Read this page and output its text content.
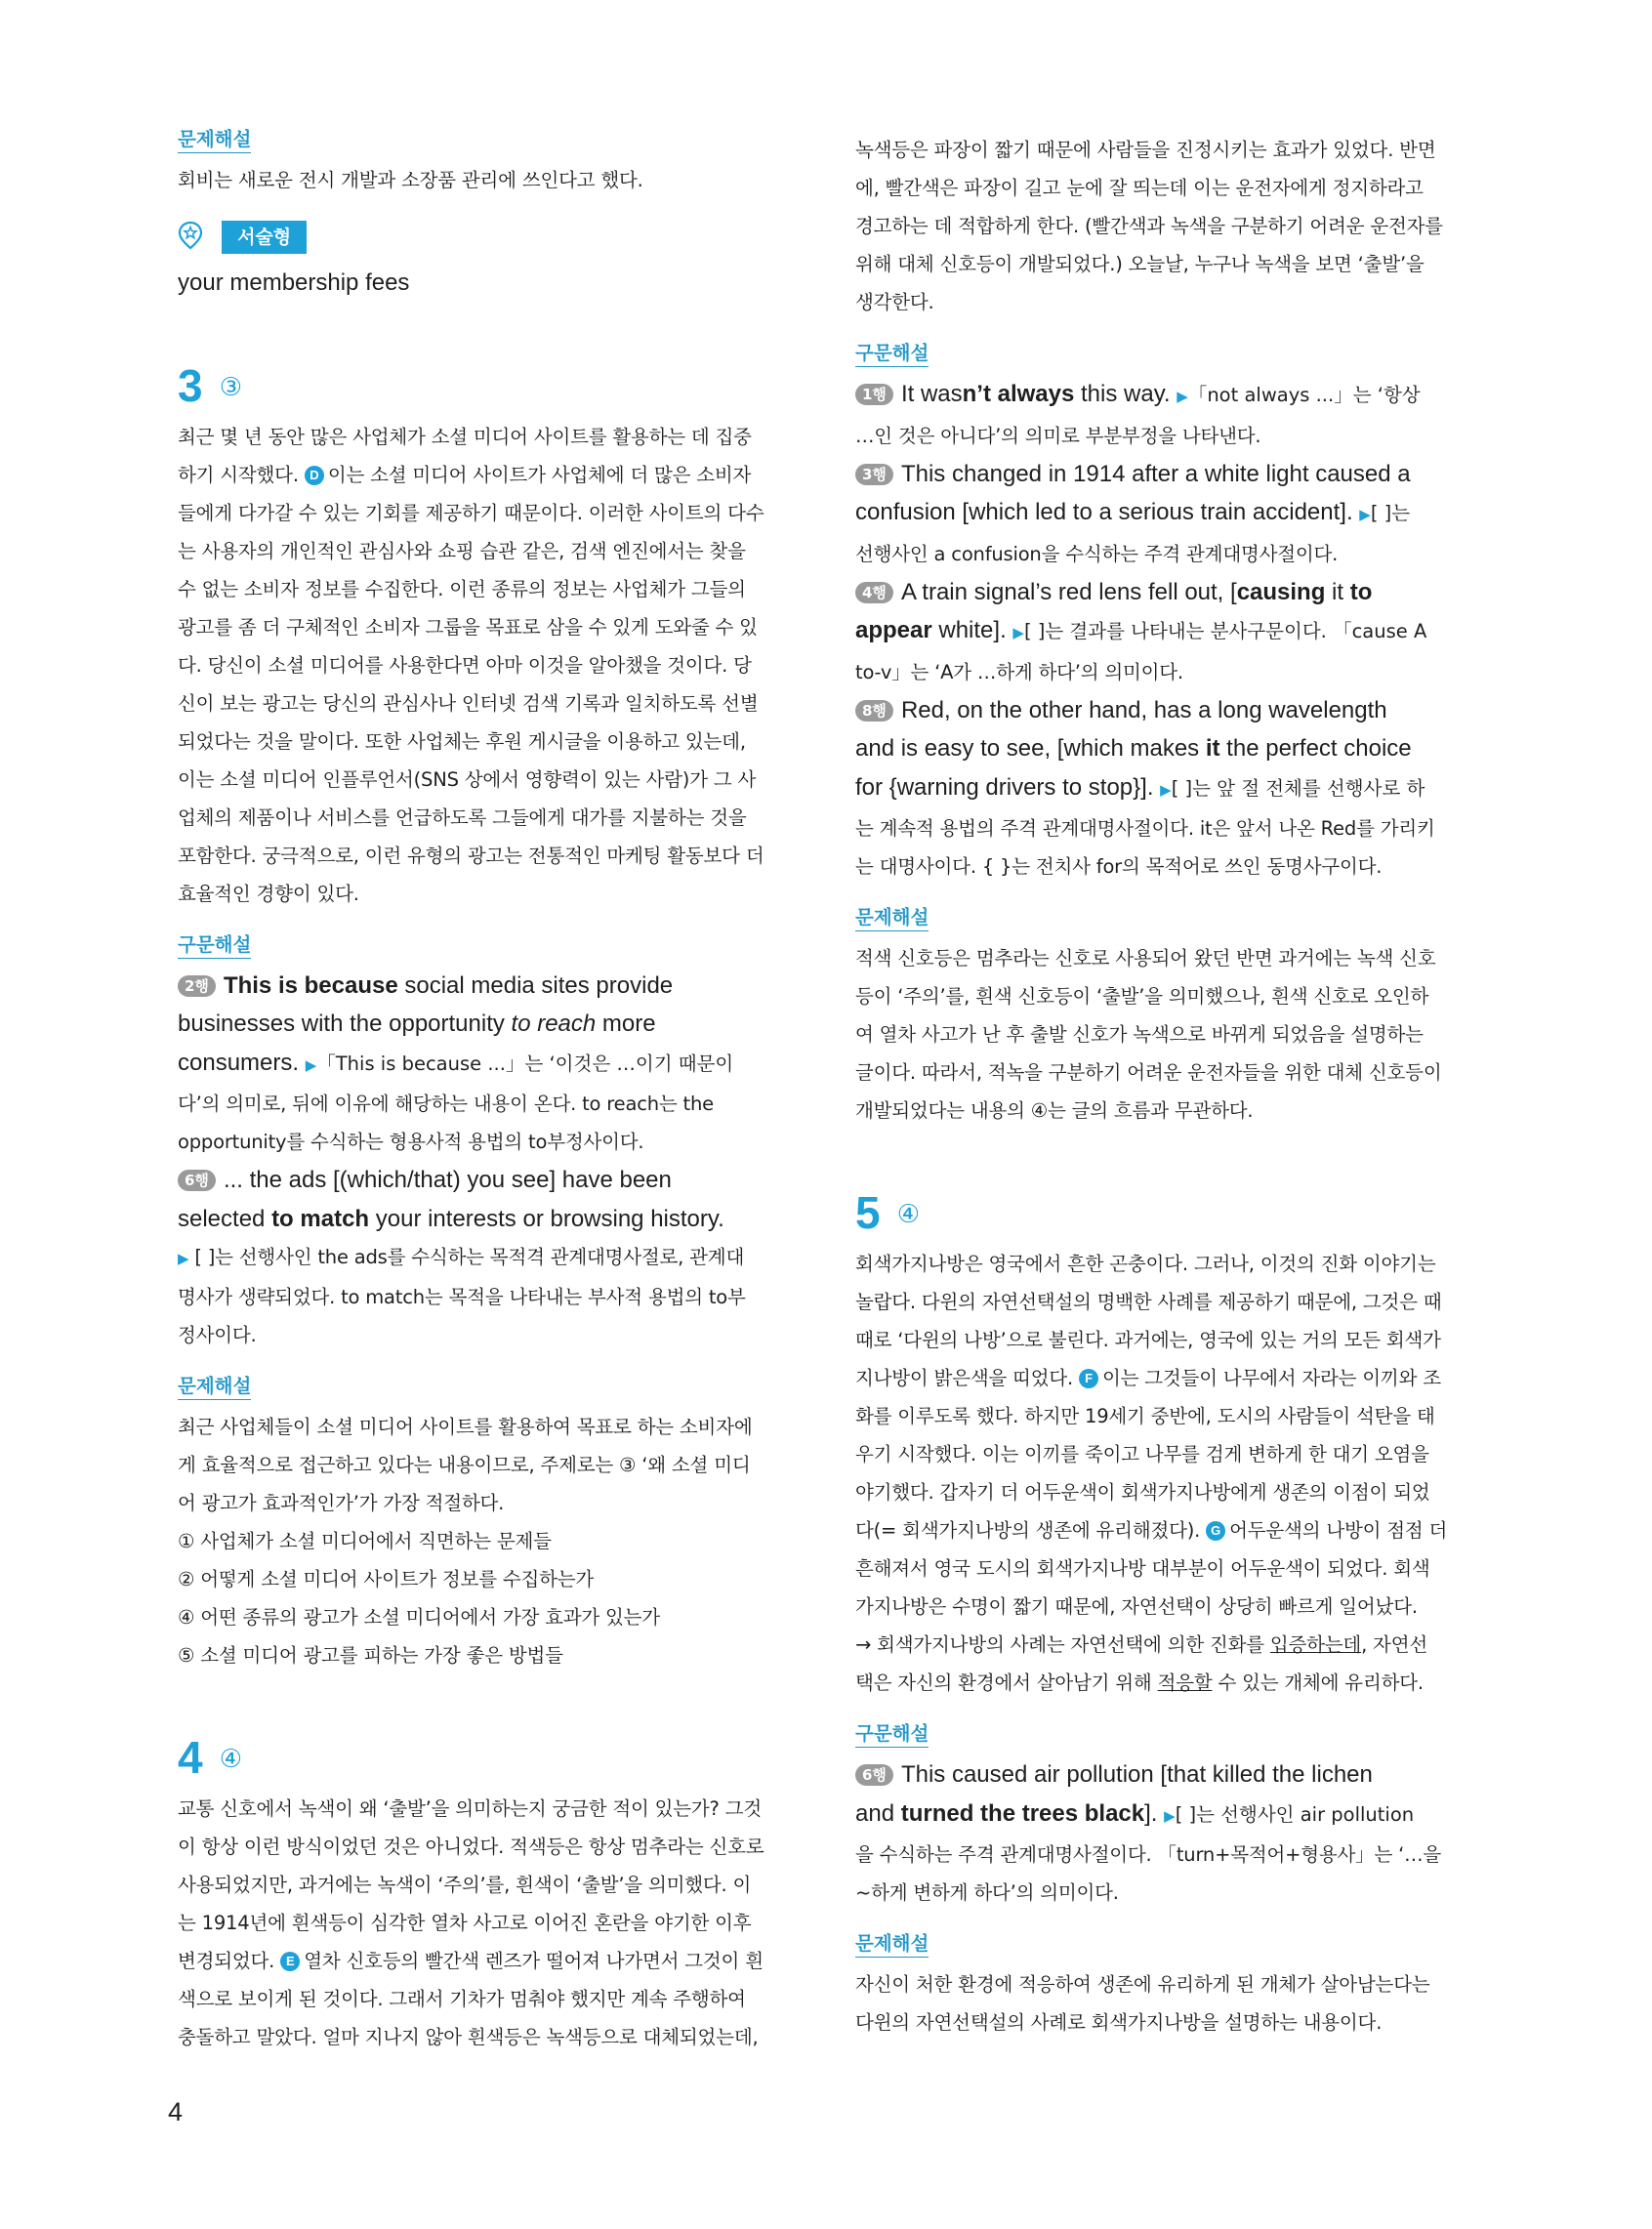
문제해설

회비는 새로운 전시 개발과 소장품 관리에 쓰인다고 했다.

서술형

your membership fees

3 ③

최근 몇 년 동안 많은 사업체가 소셜 미디어 사이트를 활용하는 데 집중

하기 시작했다. D 이는 소셜 미디어 사이트가 사업체에 더 많은 소비자

들에게 다가갈 수 있는 기회를 제공하기 때문이다. 이러한 사이트의 다수

는 사용자의 개인적인 관심사와 쇼핑 습관 같은, 검색 엔진에서는 찾을

수 없는 소비자 정보를 수집한다. 이런 종류의 정보는 사업체가 그들의

광고를 좀 더 구체적인 소비자 그룹을 목표로 삼을 수 있게 도와줄 수 있

다. 당신이 소셜 미디어를 사용한다면 아마 이것을 알아챘을 것이다. 당

신이 보는 광고는 당신의 관심사나 인터넷 검색 기록과 일치하도록 선별

되었다는 것을 말이다. 또한 사업체는 후원 게시글을 이용하고 있는데,

이는 소셜 미디어 인플루언서(SNS 상에서 영향력이 있는 사람)가 그 사

업체의 제품이나 서비스를 언급하도록 그들에게 대가를 지불하는 것을

포함한다. 궁극적으로, 이런 유형의 광고는 전통적인 마케팅 활동보다 더

효율적인 경향이 있다.

구문해설

2행 This is because social media sites provide

businesses with the opportunity to reach more

consumers. ▶「This is because ...」는 ‘이것은 …이기 때문이

다’의 의미로, 뒤에 이유에 해당하는 내용이 온다. to reach는 the

opportunity를 수식하는 형용사적 용법의 to부정사이다.

6행 ... the ads [(which/that) you see] have been

selected to match your interests or browsing history.

▶ [ ]는 선행사인 the ads를 수식하는 목적격 관계대명사절로, 관계대

명사가 생략되었다. to match는 목적을 나타내는 부사적 용법의 to부

정사이다.

문제해설

최근 사업체들이 소셜 미디어 사이트를 활용하여 목표로 하는 소비자에

게 효율적으로 접근하고 있다는 내용이므로, 주제로는 ③ ‘왜 소셜 미디

어 광고가 효과적인가’가 가장 적절하다.

① 사업체가 소셜 미디어에서 직면하는 문제들

② 어떻게 소셜 미디어 사이트가 정보를 수집하는가

④ 어떤 종류의 광고가 소셜 미디어에서 가장 효과가 있는가

⑤ 소셜 미디어 광고를 피하는 가장 좋은 방법들

4 ④

교통 신호에서 녹색이 왜 ‘출발’을 의미하는지 궁금한 적이 있는가? 그것

이 항상 이런 방식이었던 것은 아니었다. 적색등은 항상 멈추라는 신호로

사용되었지만, 과거에는 녹색이 ‘주의’를, 흰색이 ‘출발’을 의미했다. 이

는 1914년에 흰색등이 심각한 열차 사고로 이어진 혼란을 야기한 이후

변경되었다. E 열차 신호등의 빨간색 렌즈가 떨어져 나가면서 그것이 흰

색으로 보이게 된 것이다. 그래서 기차가 멈춰야 했지만 계속 주행하여

충돌하고 말았다. 얼마 지나지 않아 흰색등은 녹색등으로 대체되었는데,

녹색등은 파장이 짧기 때문에 사람들을 진정시키는 효과가 있었다. 반면

에, 빨간색은 파장이 길고 눈에 잘 띄는데 이는 운전자에게 정지하라고

경고하는 데 적합하게 한다. (빨간색과 녹색을 구분하기 어려운 운전자를

위해 대체 신호등이 개발되었다.) 오늘날, 누구나 녹색을 보면 ‘출발’을

생각한다.

구문해설

1행 It wasn’t always this way. ▶「not always ...」는 ‘항상

…인 것은 아니다’의 의미로 부분부정을 나타낸다.

3행 This changed in 1914 after a white light caused a

confusion [which led to a serious train accident]. ▶[ ]는

선행사인 a confusion을 수식하는 주격 관계대명사절이다.

4행 A train signal’s red lens fell out, [causing it to

appear white]. ▶[ ]는 결과를 나타내는 분사구문이다. 「cause A

to-v」는 ‘A가 …하게 하다’의 의미이다.

8행 Red, on the other hand, has a long wavelength

and is easy to see, [which makes it the perfect choice

for {warning drivers to stop}]. ▶[ ]는 앞 절 전체를 선행사로 하

는 계속적 용법의 주격 관계대명사절이다. it은 앞서 나온 Red를 가리키

는 대명사이다. { }는 전치사 for의 목적어로 쓰인 동명사구이다.

문제해설

적색 신호등은 멈추라는 신호로 사용되어 왔던 반면 과거에는 녹색 신호

등이 ‘주의’를, 흰색 신호등이 ‘출발’을 의미했으나, 흰색 신호로 오인하

여 열차 사고가 난 후 출발 신호가 녹색으로 바뀌게 되었음을 설명하는

글이다. 따라서, 적녹을 구분하기 어려운 운전자들을 위한 대체 신호등이

개발되었다는 내용의 ④는 글의 흐름과 무관하다.

5 ④

회색가지나방은 영국에서 흔한 곤충이다. 그러나, 이것의 진화 이야기는

놀랍다. 다윈의 자연선택설의 명백한 사례를 제공하기 때문에, 그것은 때

때로 ‘다윈의 나방’으로 불린다. 과거에는, 영국에 있는 거의 모든 회색가

지나방이 밝은색을 띠었다. F 이는 그것들이 나무에서 자라는 이끼와 조

화를 이루도록 했다. 하지만 19세기 중반에, 도시의 사람들이 석탄을 태

우기 시작했다. 이는 이끼를 죽이고 나무를 검게 변하게 한 대기 오염을

야기했다. 갑자기 더 어두운색이 회색가지나방에게 생존의 이점이 되었

다(= 회색가지나방의 생존에 유리해졌다). G 어두운색의 나방이 점점 더

흔해져서 영국 도시의 회색가지나방 대부분이 어두운색이 되었다. 회색

가지나방은 수명이 짧기 때문에, 자연선택이 상당히 빠르게 일어났다.

→ 회색가지나방의 사례는 자연선택에 의한 진화를 입증하는데, 자연선

택은 자신의 환경에서 살아남기 위해 적응할 수 있는 개체에 유리하다.

구문해설

6행 This caused air pollution [that killed the lichen

and turned the trees black]. ▶[ ]는 선행사인 air pollution

을 수식하는 주격 관계대명사절이다. 「turn+목적어+형용사」는 ‘…을

~하게 변하게 하다’의 의미이다.

문제해설

자신이 처한 환경에 적응하여 생존에 유리하게 된 개체가 살아남는다는

다윈의 자연선택설의 사례로 회색가지나방을 설명하는 내용이다.

4
